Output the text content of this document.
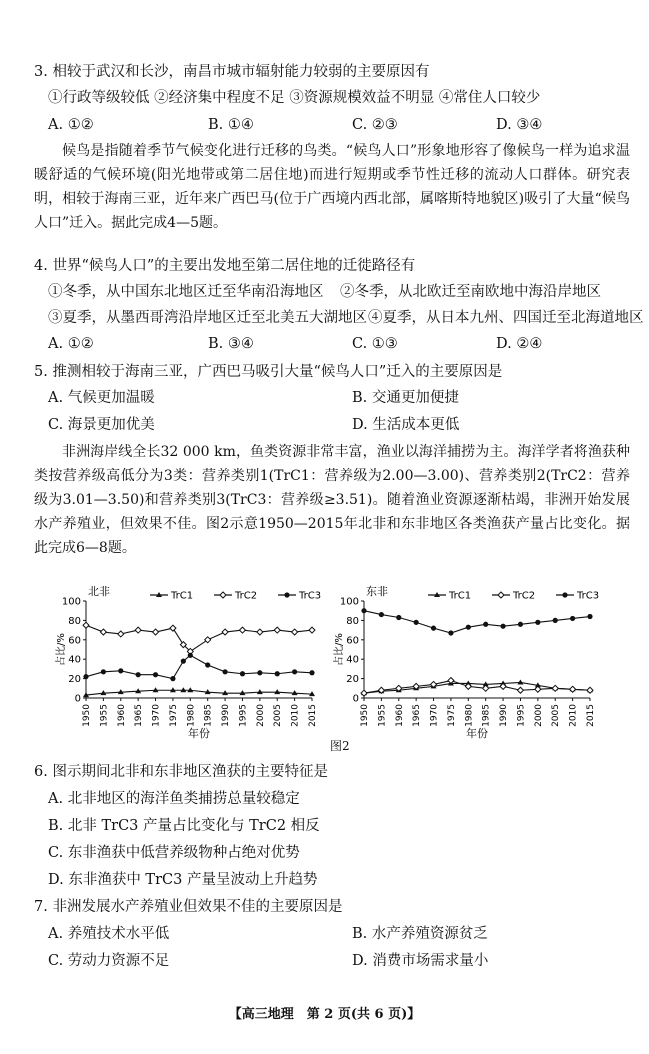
3. 相较于武汉和长沙，南昌市城市辐射能力较弱的主要原因有
①行政等级较低 ②经济集中程度不足 ③资源规模效益不明显 ④常住人口较少
A. ①②	B. ①④	C. ②③	D. ③④
候鸟是指随着季节气候变化进行迁移的鸟类。“候鸟人口”形象地形容了像候鸟一样为追求温暖舒适的气候环境(阳光地带或第二居住地)而进行短期或季节性迁移的流动人口群体。研究表明，相较于海南三亚，近年来广西巴马(位于广西境内西北部，属喀斯特地貌区)吸引了大量“候鸟人口”迁入。据此完成4—5题。
4. 世界“候鸟人口”的主要出发地至第二居住地的迁徙路径有
①冬季，从中国东北地区迁至华南沿海地区 ②冬季，从北欧迁至南欧地中海沿岸地区
③夏季，从墨西哥湾沿岸地区迁至北美五大湖地区 ④夏季，从日本九州、四国迁至北海道地区
A. ①②	B. ③④	C. ①③	D. ②④
5. 推测相较于海南三亚，广西巴马吸引大量“候鸟人口”迁入的主要原因是
A. 气候更加温暖	B. 交通更加便捷
C. 海景更加优美	D. 生活成本更低
非洲海岸线全长32 000 km，鱼类资源非常丰富，渔业以海洋捕捞为主。海洋学者将渔获种类按营养级高低分为3类：营养类别1(TrC1：营养级为2.00—3.00)、营养类别2(TrC2：营养级为3.01—3.50)和营养类别3(TrC3：营养级≥3.51)。随着渔业资源逐渐枯竭，非洲开始发展水产养殖业，但效果不佳。图2示意1950—2015年北非和东非地区各类渔获产量占比变化。据此完成6—8题。
0
20
40
60
80
100
1950 1955 1960 1965 1970 1975 1980 1985 1990 1995 2000 2005 2010 2015
北非
占比/%
年份
TrC1	TrC2	TrC3
0
20
40
60
80
100
1950 1955 1960 1965 1970 1975 1980 1985 1990 1995 2000 2005 2010 2015
东非
占比/%
年份
TrC1	TrC2	TrC3
图2
6. 图示期间北非和东非地区渔获的主要特征是
A. 北非地区的海洋鱼类捕捞总量较稳定
B. 北非 TrC3 产量占比变化与 TrC2 相反
C. 东非渔获中低营养级物种占绝对优势
D. 东非渔获中 TrC3 产量呈波动上升趋势
7. 非洲发展水产养殖业但效果不佳的主要原因是
A. 养殖技术水平低	B. 水产养殖资源贫乏
C. 劳动力资源不足	D. 消费市场需求量小
【高三地理　第 2 页(共 6 页)】
